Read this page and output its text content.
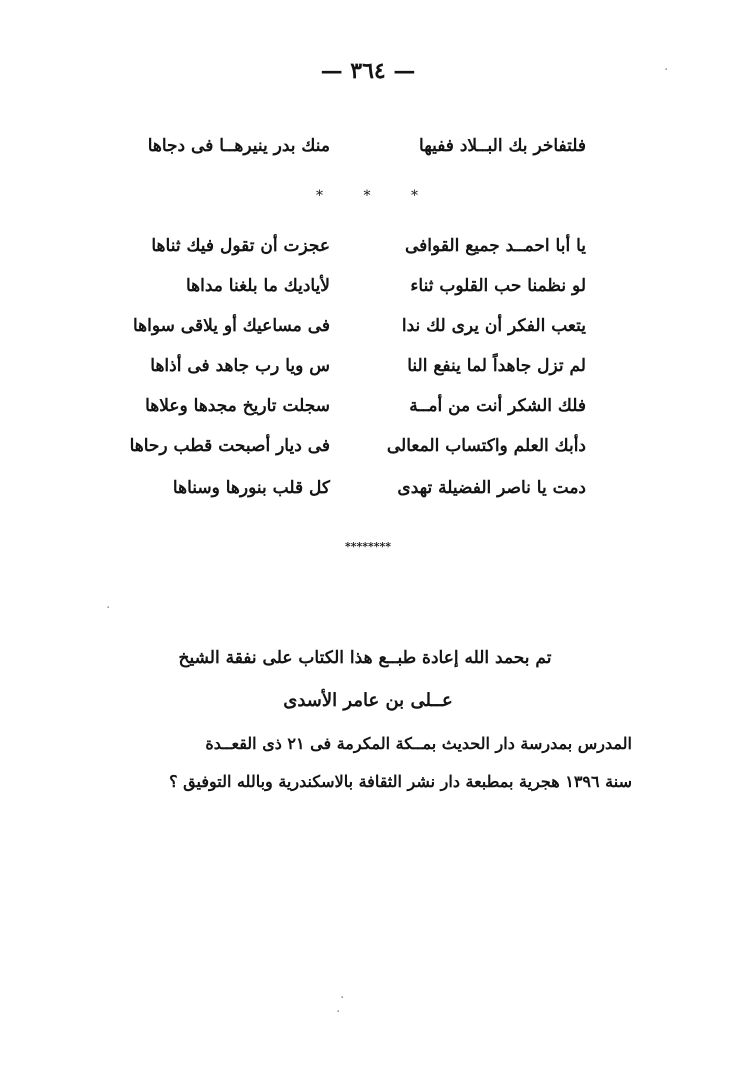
— ٣٦٤ —
فلتفاخر بك البــلاد ففيها
منك بدر ينيرهــا فى دجاها
* * *
يا أبا احمــد جميع القوافى
عجزت أن تقول فيك ثناها
لو نظمنا حب القلوب ثناء
لأياديك ما بلغنا مداها
يتعب الفكر أن يرى لك ندا
فى مساعيك أو يلاقى سواها
لم تزل جاهداً لما ينفع النا
س ويا رب جاهد فى أذاها
فلك الشكر أنت من أمــة
سجلت تاريخ مجدها وعلاها
دأبك العلم واكتساب المعالى
فى ديار أصبحت قطب رحاها
دمت يا ناصر الفضيلة تهدى
كل قلب بنورها وسناها
********
تم بحمد الله إعادة طبــع هذا الكتاب على نفقة الشيخ
عــلى بن عامر الأسدى
المدرس بمدرسة دار الحديث بمــكة المكرمة فى ٢١ ذى القعــدة
سنة ١٣٩٦ هجرية بمطبعة دار نشر الثقافة بالاسكندرية وبالله التوفيق ؟
·
·
·
·
